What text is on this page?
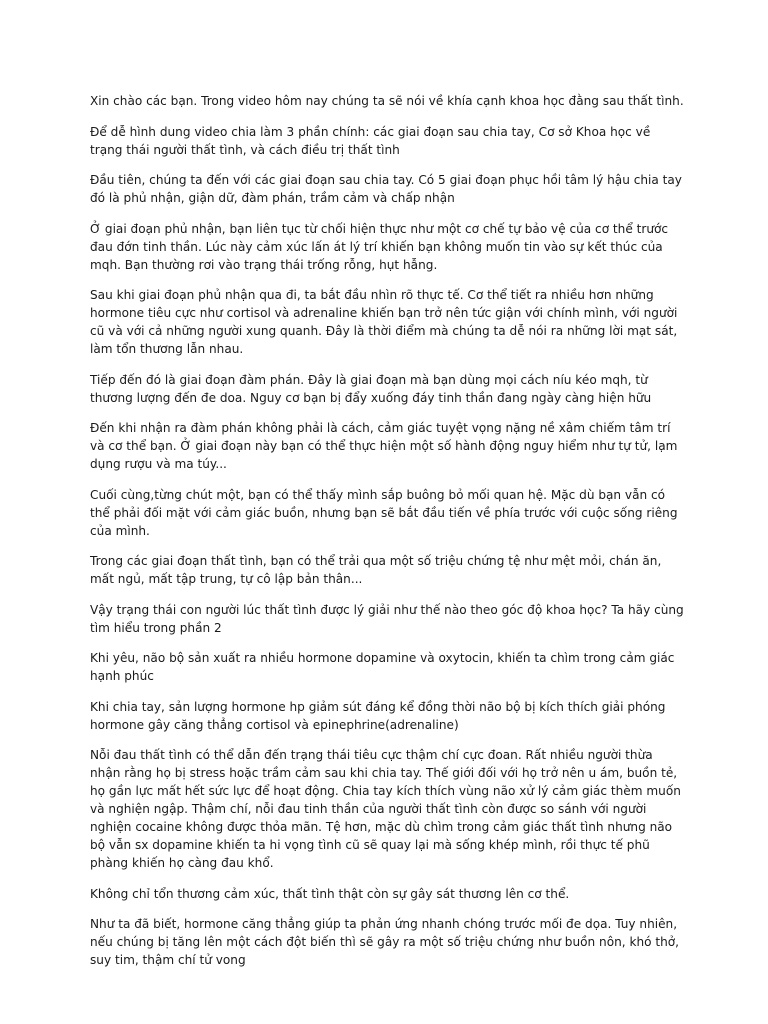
Xin chào các bạn. Trong video hôm nay chúng ta sẽ nói về khía cạnh khoa học đằng sau thất tình.

Để dễ hình dung video chia làm 3 phần chính: các giai đoạn sau chia tay, Cơ sở Khoa học về trạng thái người thất tình, và cách điều trị thất tình

Đầu tiên, chúng ta đến với các giai đoạn sau chia tay. Có 5 giai đoạn phục hồi tâm lý hậu chia tay đó là phủ nhận, giận dữ, đàm phán, trầm cảm và chấp nhận

Ở giai đoạn phủ nhận, bạn liên tục từ chối hiện thực như một cơ chế tự bảo vệ của cơ thể trước đau đớn tinh thần. Lúc này cảm xúc lấn át lý trí khiến bạn không muốn tin vào sự kết thúc của mqh. Bạn thường rơi vào trạng thái trống rỗng, hụt hẫng.

Sau khi giai đoạn phủ nhận qua đi, ta bắt đầu nhìn rõ thực tế. Cơ thể tiết ra nhiều hơn những hormone tiêu cực như cortisol và adrenaline khiến bạn trở nên tức giận với chính mình, với người cũ và với cả những người xung quanh. Đây là thời điểm mà chúng ta dễ nói ra những lời mạt sát, làm tổn thương lẫn nhau.

Tiếp đến đó là giai đoạn đàm phán. Đây là giai đoạn mà bạn dùng mọi cách níu kéo mqh, từ thương lượng đến đe doa. Nguy cơ bạn bị đẩy xuống đáy tinh thần đang ngày càng hiện hữu

Đến khi nhận ra đàm phán không phải là cách, cảm giác tuyệt vọng nặng nề xâm chiếm tâm trí và cơ thể bạn. Ở giai đoạn này bạn có thể thực hiện một số hành động nguy hiểm như tự tử, lạm dụng rượu và ma túy...

Cuối cùng,từng chút một, bạn có thể thấy mình sắp buông bỏ mối quan hệ. Mặc dù bạn vẫn có thể phải đối mặt với cảm giác buồn, nhưng bạn sẽ bắt đầu tiến về phía trước với cuộc sống riêng của mình.

Trong các giai đoạn thất tình, bạn có thể trải qua một số triệu chứng tệ như mệt mỏi, chán ăn, mất ngủ, mất tập trung, tự cô lập bản thân...

Vậy trạng thái con người lúc thất tình được lý giải như thế nào theo góc độ khoa học? Ta hãy cùng tìm hiểu trong phần 2

Khi yêu, não bộ sản xuất ra nhiều hormone dopamine và oxytocin, khiến ta chìm trong cảm giác hạnh phúc

Khi chia tay, sản lượng hormone hp giảm sút đáng kể đồng thời não bộ bị kích thích giải phóng hormone gây căng thẳng cortisol và epinephrine(adrenaline)

Nỗi đau thất tình có thể dẫn đến trạng thái tiêu cực thậm chí cực đoan. Rất nhiều người thừa nhận rằng họ bị stress hoặc trầm cảm sau khi chia tay. Thế giới đối với họ trở nên u ám, buồn tẻ, họ gần lực mất hết sức lực để hoạt động. Chia tay kích thích vùng não xử lý cảm giác thèm muốn và nghiện ngập. Thậm chí, nỗi đau tinh thần của người thất tình còn được so sánh với người nghiện cocaine không được thỏa mãn. Tệ hơn, mặc dù chìm trong cảm giác thất tình nhưng não bộ vẫn sx dopamine khiến ta hi vọng tình cũ sẽ quay lại mà sống khép mình, rồi thực tế phũ phàng khiến họ càng đau khổ.

Không chỉ tổn thương cảm xúc, thất tình thật còn sự gây sát thương lên cơ thể.

Như ta đã biết, hormone căng thẳng giúp ta phản ứng nhanh chóng trước mối đe dọa. Tuy nhiên, nếu chúng bị tăng lên một cách đột biến thì sẽ gây ra một số triệu chứng như buồn nôn, khó thở, suy tim, thậm chí tử vong
